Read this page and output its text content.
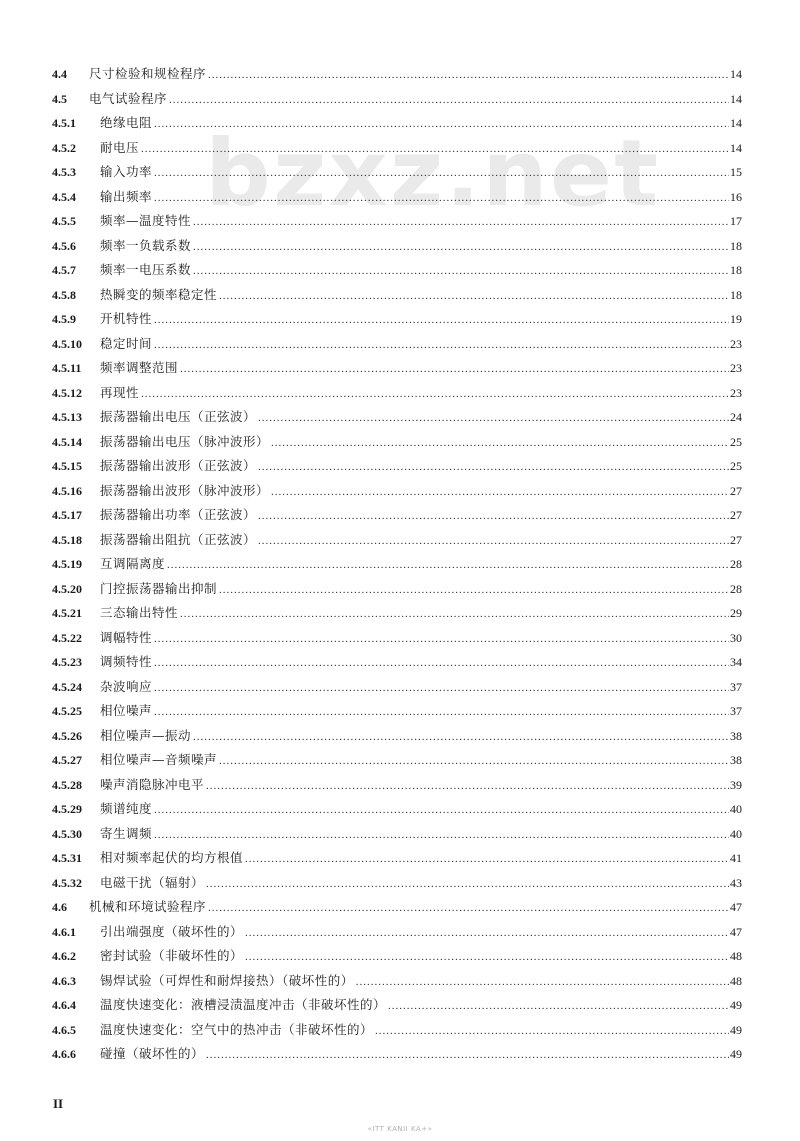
bzxz.net
4.4	尺寸检验和规检程序 .....	14
4.5	电气试验程序 .....	14
4.5.1	绝缘电阻 .....	14
4.5.2	耐电压 .....	14
4.5.3	输入功率 .....	15
4.5.4	输出频率 .....	16
4.5.5	频率—温度特性 .....	17
4.5.6	频率一负载系数 .....	18
4.5.7	频率一电压系数 .....	18
4.5.8	热瞬变的频率稳定性 .....	18
4.5.9	开机特性 .....	19
4.5.10	稳定时间 .....	23
4.5.11	频率调整范围 .....	23
4.5.12	再现性 .....	23
4.5.13	振荡器输出电压（正弦波） .....	24
4.5.14	振荡器输出电压（脉冲波形） .....	25
4.5.15	振荡器输出波形（正弦波） .....	25
4.5.16	振荡器输出波形（脉冲波形） .....	27
4.5.17	振荡器输出功率（正弦波） .....	27
4.5.18	振荡器输出阻抗（正弦波） .....	27
4.5.19	互调隔离度 .....	28
4.5.20	门控振荡器输出抑制 .....	28
4.5.21	三态输出特性 .....	29
4.5.22	调幅特性 .....	30
4.5.23	调频特性 .....	34
4.5.24	杂波响应 .....	37
4.5.25	相位噪声 .....	37
4.5.26	相位噪声—振动 .....	38
4.5.27	相位噪声—音频噪声 .....	38
4.5.28	噪声消隐脉冲电平 .....	39
4.5.29	频谱纯度 .....	40
4.5.30	寄生调频 .....	40
4.5.31	相对频率起伏的均方根值 .....	41
4.5.32	电磁干扰（辐射） .....	43
4.6	机械和环境试验程序 .....	47
4.6.1	引出端强度（破坏性的） .....	47
4.6.2	密封试验（非破坏性的） .....	48
4.6.3	锡焊试验（可焊性和耐焊接热）（破坏性的） .....	48
4.6.4	温度快速变化：液槽浸渍温度冲击（非破坏性的） .....	49
4.6.5	温度快速变化：空气中的热冲击（非破坏性的） .....	49
4.6.6	碰撞（破坏性的） .....	49
II
«ITT KANII KA+»
